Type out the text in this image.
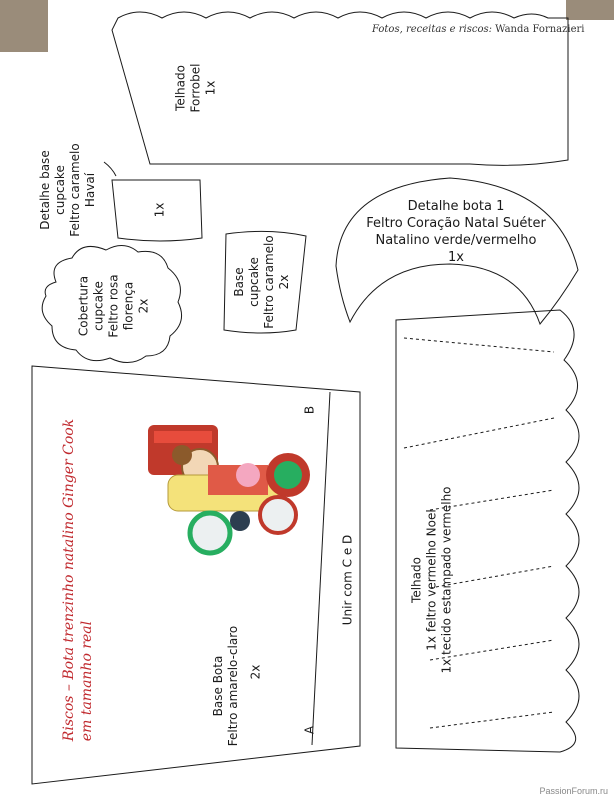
Fotos, receitas e riscos: Wanda Fornazieri
Telhado Forrobel 1x
Detalhe base cupcake Feltro caramelo Havaí
1x	Detalhe bota 1
Feltro Coração Natal Suéter
Natalino verde/vermelho
1x
Cobertura cupcake Feltro rosa florença 2x
Base cupcake Feltro caramelo 2x
Base Bota Feltro amarelo-claro 2x
A
B
Unir com C e D	Telhado 1x feltro vermelho Noel 1x tecido estampado vermelho
Riscos – Bota trenzinho natalino Ginger Cook em tamanho real
PassionForum.ru
